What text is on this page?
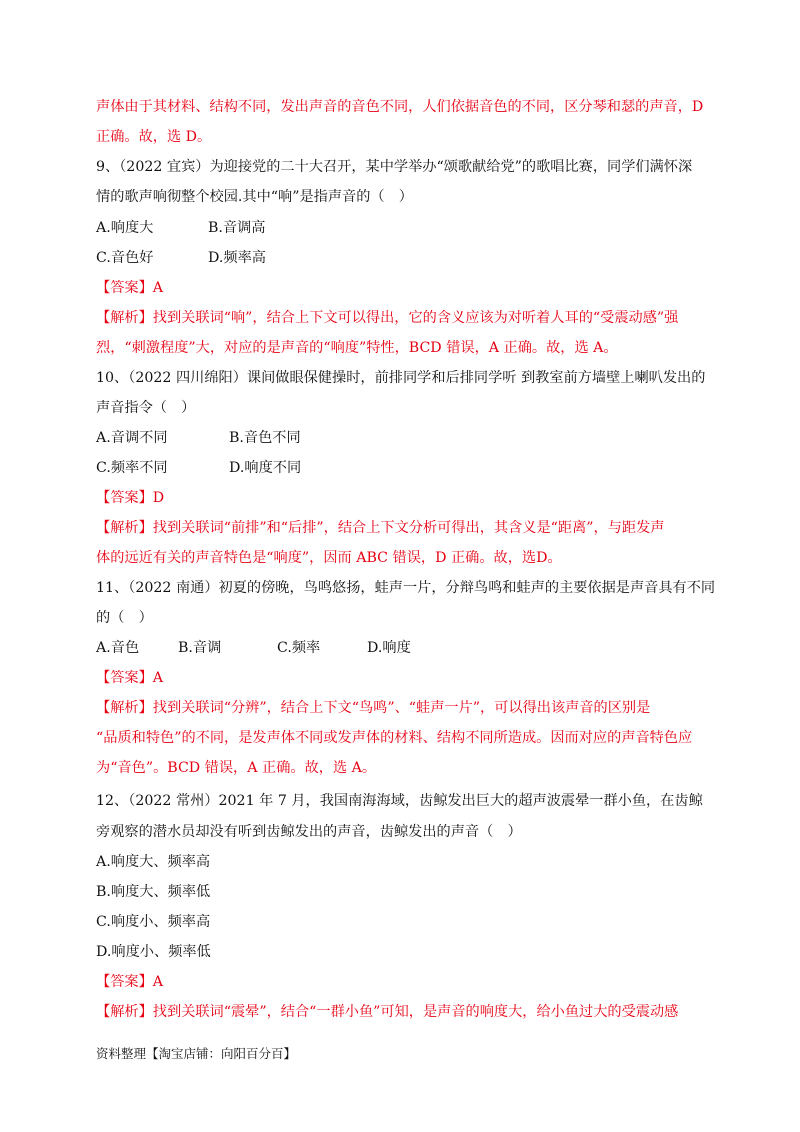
声体由于其材料、结构不同，发出声音的音色不同，人们依据音色的不同，区分琴和瑟的声音，D
正确。故，选 D。
9、（2022 宜宾）为迎接党的二十大召开，某中学举办“颂歌献给党”的歌唱比赛，同学们满怀深
情的歌声响彻整个校园.其中“响”是指声音的（　）
A.响度大	B.音调高
C.音色好	D.频率高
【答案】A
【解析】找到关联词“响”，结合上下文可以得出，它的含义应该为对听着人耳的“受震动感”强
烈，“刺激程度”大，对应的是声音的“响度”特性，BCD 错误，A 正确。故，选 A。
10、（2022 四川绵阳）课间做眼保健操时，前排同学和后排同学听 到教室前方墙壁上喇叭发出的
声音指令（　）
A.音调不同	B.音色不同
C.频率不同	D.响度不同
【答案】D
【解析】找到关联词“前排”和“后排”，结合上下文分析可得出，其含义是“距离”，与距发声
体的远近有关的声音特色是“响度”，因而 ABC 错误，D 正确。故，选D。
11、（2022 南通）初夏的傍晚，鸟鸣悠扬，蛙声一片，分辩鸟鸣和蛙声的主要依据是声音具有不同
的（　）
A.音色	B.音调	C.频率	D.响度
【答案】A
【解析】找到关联词“分辨”，结合上下文“鸟鸣”、“蛙声一片”，可以得出该声音的区别是
“品质和特色”的不同，是发声体不同或发声体的材料、结构不同所造成。因而对应的声音特色应
为“音色”。BCD 错误，A 正确。故，选 A。
12、（2022 常州）2021 年 7 月，我国南海海域，齿鲸发出巨大的超声波震晕一群小鱼，在齿鲸
旁观察的潜水员却没有听到齿鲸发出的声音，齿鲸发出的声音（　）
A.响度大、频率高
B.响度大、频率低
C.响度小、频率高
D.响度小、频率低
【答案】A
【解析】找到关联词“震晕”，结合“一群小鱼”可知，是声音的响度大，给小鱼过大的受震动感
资料整理【淘宝店铺：向阳百分百】
